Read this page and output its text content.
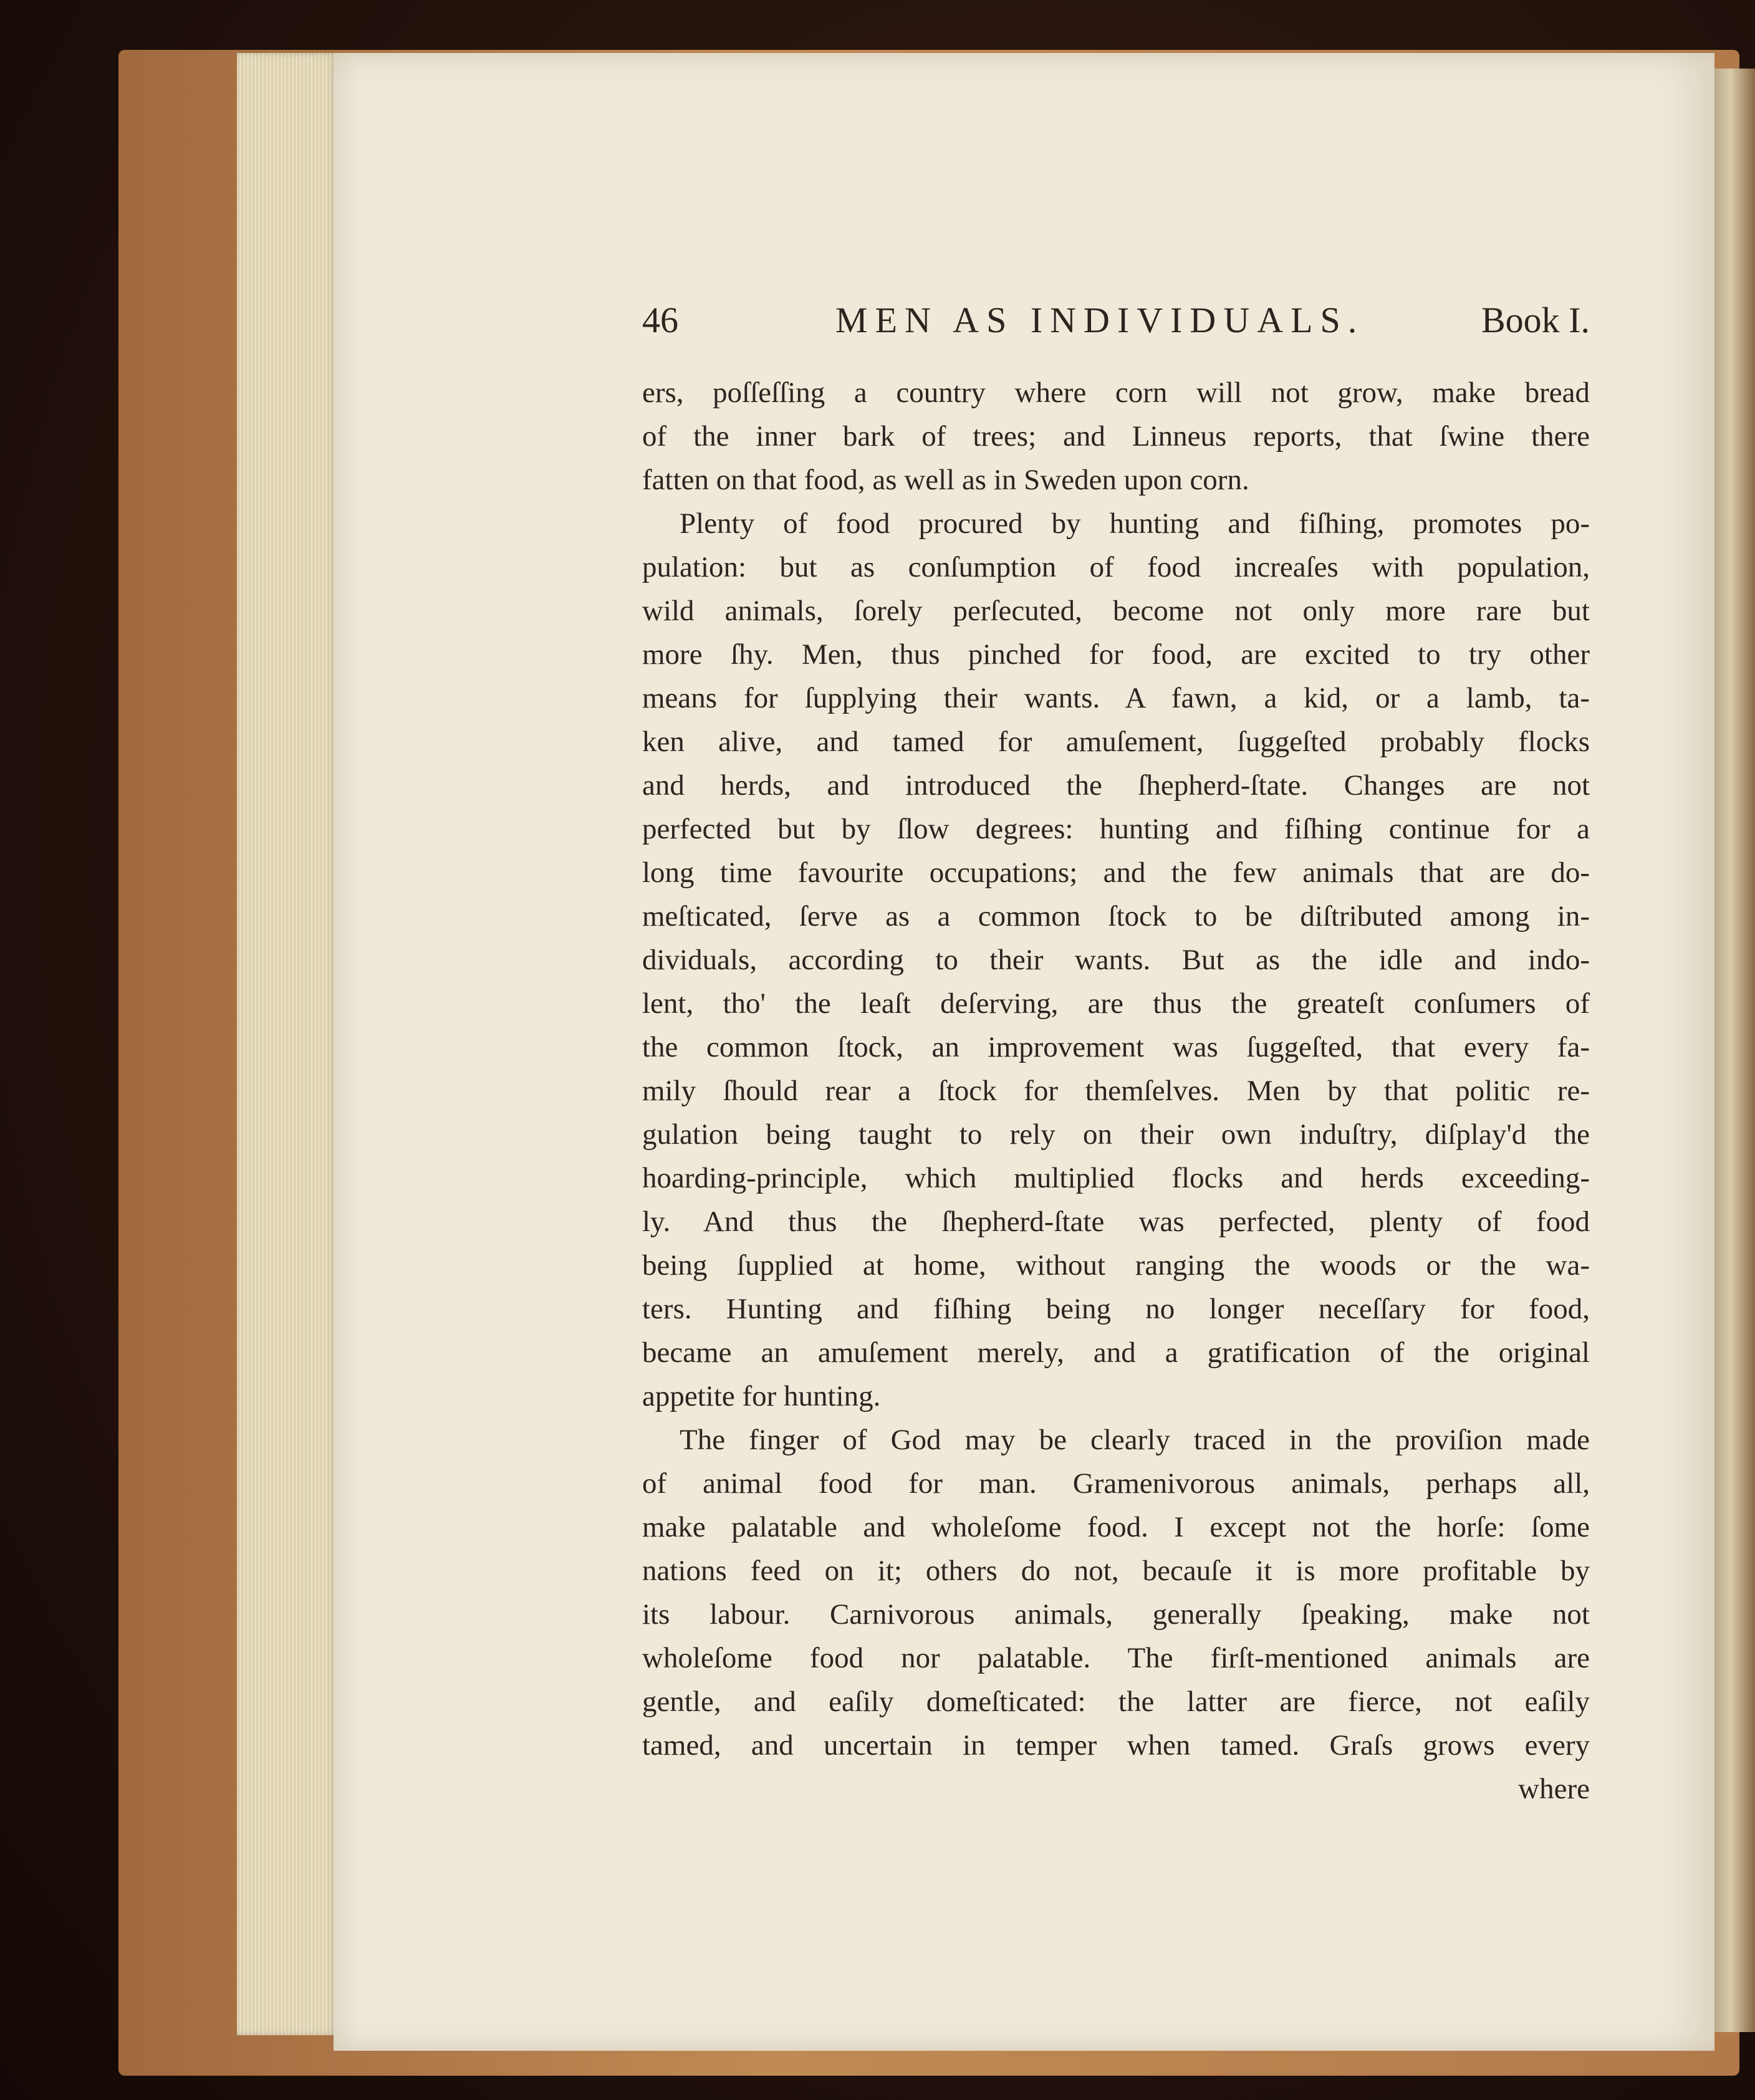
46	MEN AS INDIVIDUALS.	Book I.
ers, poſſeſſing a country where corn will not grow, make bread
of the inner bark of trees; and Linneus reports, that ſwine there
fatten on that food, as well as in Sweden upon corn.
Plenty of food procured by hunting and fiſhing, promotes po-
pulation: but as conſumption of food increaſes with population,
wild animals, ſorely perſecuted, become not only more rare but
more ſhy. Men, thus pinched for food, are excited to try other
means for ſupplying their wants. A fawn, a kid, or a lamb, ta-
ken alive, and tamed for amuſement, ſuggeſted probably flocks
and herds, and introduced the ſhepherd-ſtate. Changes are not
perfected but by ſlow degrees: hunting and fiſhing continue for a
long time favourite occupations; and the few animals that are do-
meſticated, ſerve as a common ſtock to be diſtributed among in-
dividuals, according to their wants. But as the idle and indo-
lent, tho' the leaſt deſerving, are thus the greateſt conſumers of
the common ſtock, an improvement was ſuggeſted, that every fa-
mily ſhould rear a ſtock for themſelves. Men by that politic re-
gulation being taught to rely on their own induſtry, diſplay'd the
hoarding-principle, which multiplied flocks and herds exceeding-
ly. And thus the ſhepherd-ſtate was perfected, plenty of food
being ſupplied at home, without ranging the woods or the wa-
ters. Hunting and fiſhing being no longer neceſſary for food,
became an amuſement merely, and a gratification of the original
appetite for hunting.
The finger of God may be clearly traced in the proviſion made
of animal food for man. Gramenivorous animals, perhaps all,
make palatable and wholeſome food. I except not the horſe: ſome
nations feed on it; others do not, becauſe it is more profitable by
its labour. Carnivorous animals, generally ſpeaking, make not
wholeſome food nor palatable. The firſt-mentioned animals are
gentle, and eaſily domeſticated: the latter are fierce, not eaſily
tamed, and uncertain in temper when tamed. Graſs grows every
where
